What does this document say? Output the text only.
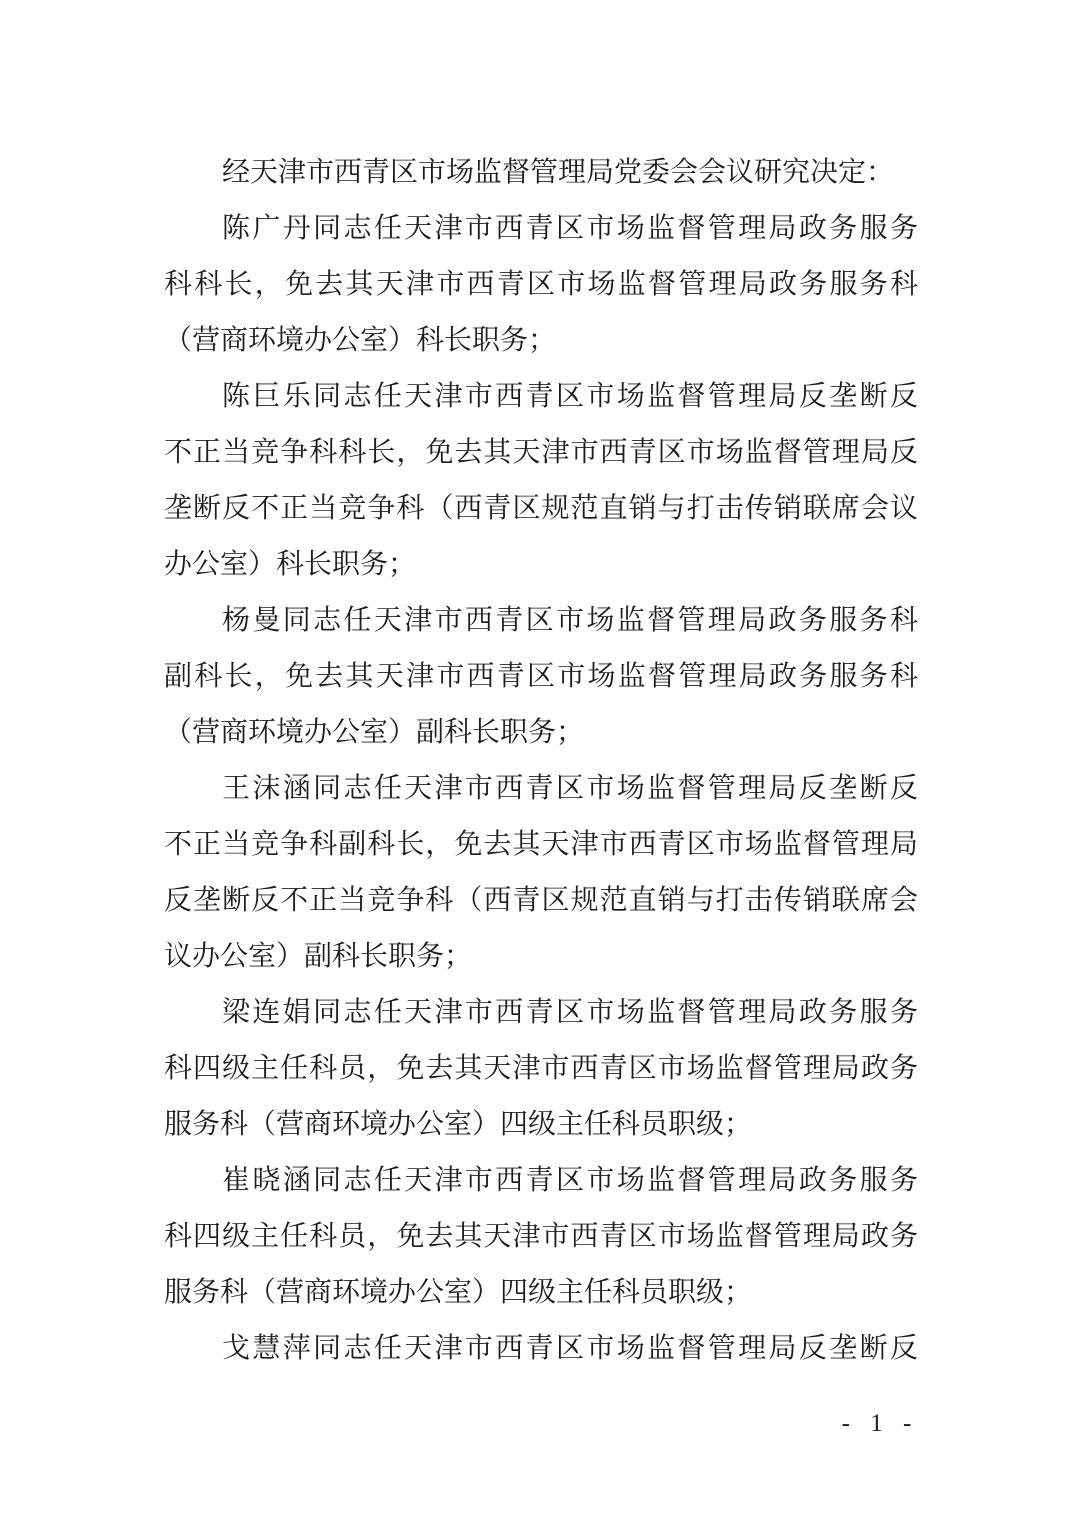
经天津市西青区市场监督管理局党委会会议研究决定：
陈广丹同志任天津市西青区市场监督管理局政务服务
科科长，免去其天津市西青区市场监督管理局政务服务科
（营商环境办公室）科长职务；
陈巨乐同志任天津市西青区市场监督管理局反垄断反
不正当竞争科科长，免去其天津市西青区市场监督管理局反
垄断反不正当竞争科（西青区规范直销与打击传销联席会议
办公室）科长职务；
杨曼同志任天津市西青区市场监督管理局政务服务科
副科长，免去其天津市西青区市场监督管理局政务服务科
（营商环境办公室）副科长职务；
王沫涵同志任天津市西青区市场监督管理局反垄断反
不正当竞争科副科长，免去其天津市西青区市场监督管理局
反垄断反不正当竞争科（西青区规范直销与打击传销联席会
议办公室）副科长职务；
梁连娟同志任天津市西青区市场监督管理局政务服务
科四级主任科员，免去其天津市西青区市场监督管理局政务
服务科（营商环境办公室）四级主任科员职级；
崔晓涵同志任天津市西青区市场监督管理局政务服务
科四级主任科员，免去其天津市西青区市场监督管理局政务
服务科（营商环境办公室）四级主任科员职级；
戈慧萍同志任天津市西青区市场监督管理局反垄断反
- 1 -
